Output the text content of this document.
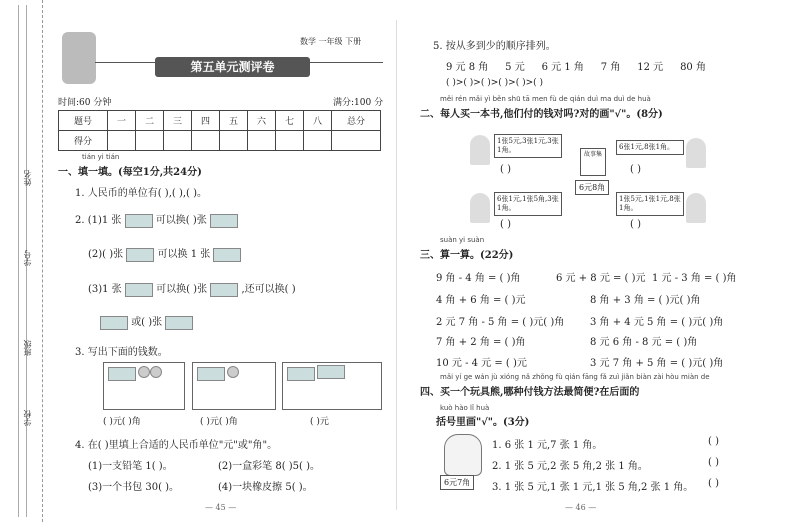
姓名
学号
班级
学校
数学 一年级 下册
第五单元测评卷
时间:60 分钟	满分:100 分
题号	一	二	三	四	五	六	七	八	总分
得分									
tián yi tián
一、填一填。(每空1分,共24分)
1. 人民币的单位有( ),( ),( )。
2. (1)1 张	可以换( )张
(2)( )张	可以换 1 张
(3)1 张	可以换( )张	,还可以换( )
或( )张
3. 写出下面的钱数。
( )元( )角	( )元( )角	( )元
4. 在( )里填上合适的人民币单位"元"或"角"。
(1)一支铅笔 1( )。	(2)一盒彩笔 8( )5( )。
(3)一个书包 30( )。	(4)一块橡皮擦 5( )。
— 45 —
5. 按从多到少的顺序排列。
9 元 8 角 5 元 6 元 1 角 7 角 12 元 80 角
( )>( )>( )>( )>( )>( )
měi rén mǎi yì běn shū tā men fù de qián duì ma duì de huà
二、每人买一本书,他们付的钱对吗?对的画"√"。(8分)
1张5元,3张1元,3张1角。
( )
6张1元,8张1角。
( )
故事集
6元8角
6张1元,1张5角,3张1角。
( )
1张5元,1张1元,8张1角。
( )
suàn yi suàn
三、算一算。(22分)
9 角 - 4 角 = ( )角	6 元 + 8 元 = ( )元 1 元 - 3 角 = ( )角
4 角 + 6 角 = ( )元	8 角 + 3 角 = ( )元( )角
2 元 7 角 - 5 角 = ( )元( )角	3 角 + 4 元 5 角 = ( )元( )角
7 角 + 2 角 = ( )角	8 元 6 角 - 8 元 = ( )角
10 元 - 4 元 = ( )元	3 元 7 角 + 5 角 = ( )元( )角
mǎi yí ge wán jù xióng nǎ zhǒng fù qián fāng fǎ zuì jiǎn biàn zài hòu miàn de
四、买一个玩具熊,哪种付钱方法最简便?在后面的
kuò hào lǐ huà
括号里画"√"。(3分)
6元7角
1. 6 张 1 元,7 张 1 角。	( )
2. 1 张 5 元,2 张 5 角,2 张 1 角。	( )
3. 1 张 5 元,1 张 1 元,1 张 5 角,2 张 1 角。 ( )
— 46 —
